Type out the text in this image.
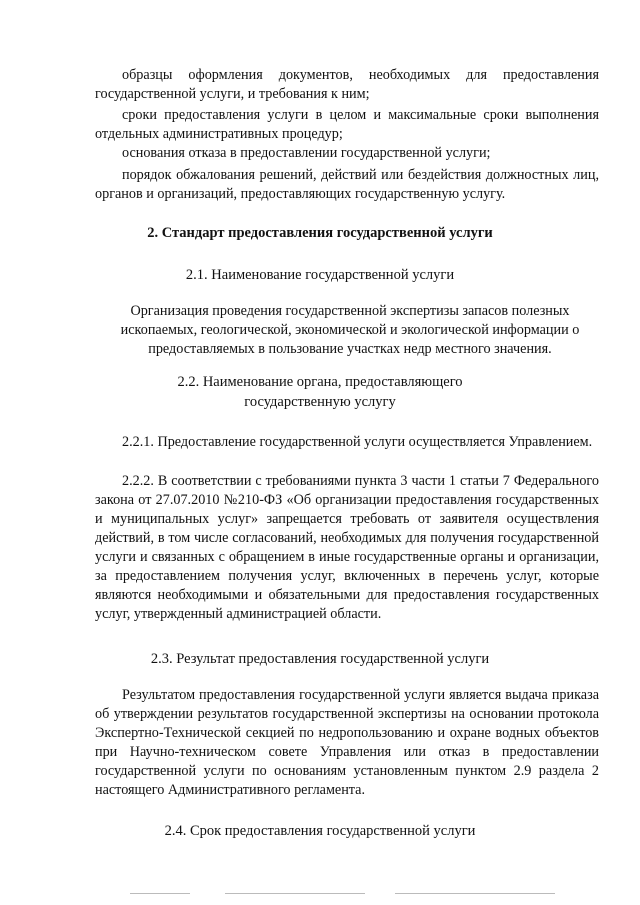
образцы оформления документов, необходимых для предоставления государственной услуги, и требования к ним;

сроки предоставления услуги в целом и максимальные сроки выполнения отдельных административных процедур;

основания отказа в предоставлении государственной услуги;

порядок обжалования решений, действий или бездействия должностных лиц, органов и организаций, предоставляющих государственную услугу.

2. Стандарт предоставления государственной услуги

2.1. Наименование государственной услуги

Организация проведения государственной экспертизы запасов полезных ископаемых, геологической, экономической и экологической информации о предоставляемых в пользование участках недр местного значения.

2.2. Наименование органа, предоставляющего

государственную услугу

2.2.1. Предоставление государственной услуги осуществляется Управлением.

2.2.2. В соответствии с требованиями пункта 3 части 1 статьи 7 Федерального закона от 27.07.2010 №210-ФЗ «Об организации предоставления государственных и муниципальных услуг» запрещается требовать от заявителя осуществления действий, в том числе согласований, необходимых для получения государственной услуги и связанных с обращением в иные государственные органы и организации, за предоставлением получения услуг, включенных в перечень услуг, которые являются необходимыми и обязательными для предоставления государственных услуг, утвержденный администрацией области.

2.3. Результат предоставления государственной услуги

Результатом предоставления государственной услуги является выдача приказа об утверждении результатов государственной экспертизы на основании протокола Экспертно-Технической секцией по недропользованию и охране водных объектов при Научно-техническом совете Управления или отказ в предоставлении государственной услуги по основаниям установленным пунктом 2.9 раздела 2 настоящего Административного регламента.

2.4. Срок предоставления государственной услуги
